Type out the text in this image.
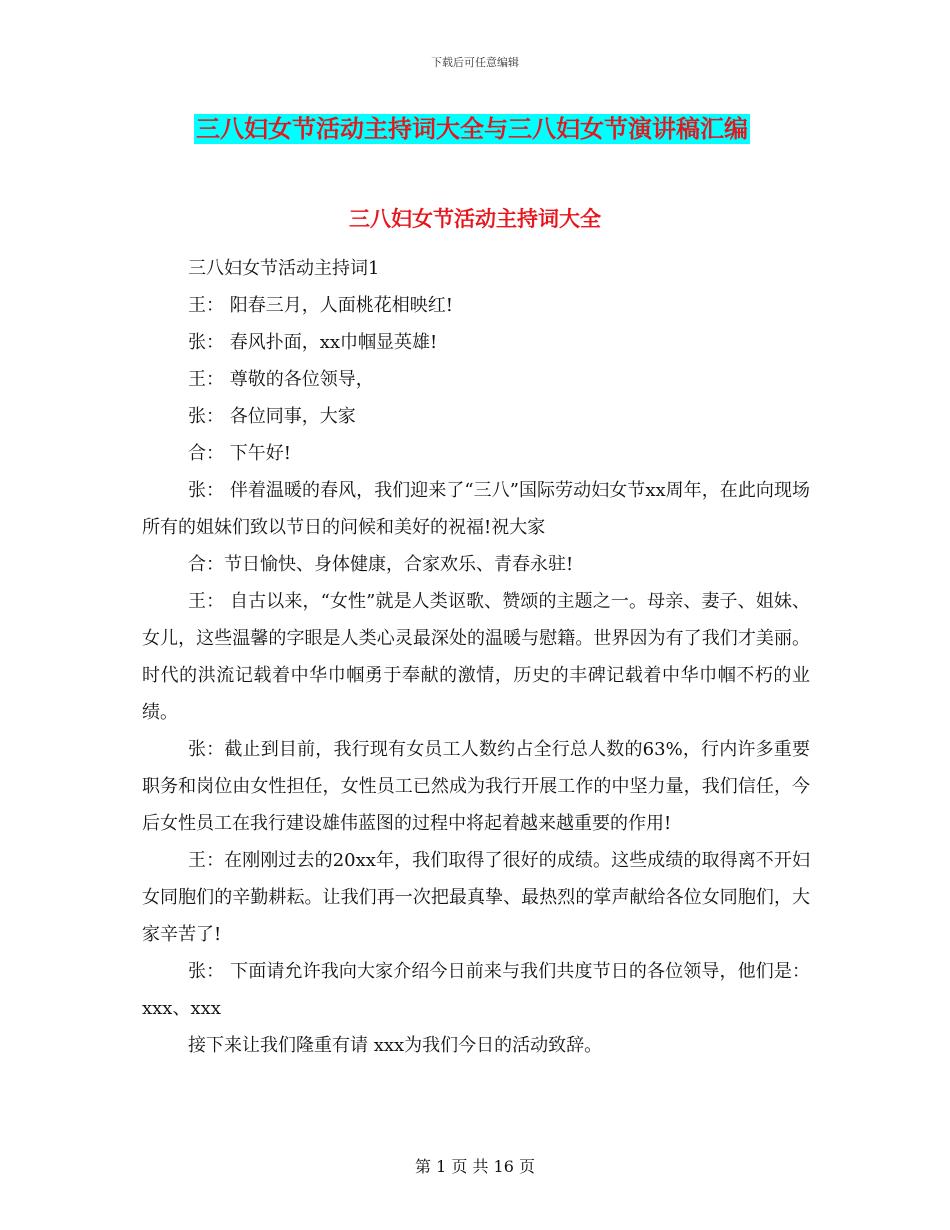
下载后可任意编辑
三八妇女节活动主持词大全与三八妇女节演讲稿汇编
三八妇女节活动主持词大全

三八妇女节活动主持词1

王： 阳春三月，人面桃花相映红!

张： 春风扑面，xx巾帼显英雄!

王： 尊敬的各位领导，

张： 各位同事，大家

合： 下午好!

张： 伴着温暖的春风，我们迎来了“三八”国际劳动妇女节xx周年，在此向现场所有的姐妹们致以节日的问候和美好的祝福!祝大家

合：节日愉快、身体健康，合家欢乐、青春永驻!

王： 自古以来，“女性”就是人类讴歌、赞颂的主题之一。母亲、妻子、姐妹、女儿，这些温馨的字眼是人类心灵最深处的温暖与慰籍。世界因为有了我们才美丽。时代的洪流记载着中华巾帼勇于奉献的激情，历史的丰碑记载着中华巾帼不朽的业绩。

张：截止到目前，我行现有女员工人数约占全行总人数的63%，行内许多重要职务和岗位由女性担任，女性员工已然成为我行开展工作的中坚力量，我们信任，今后女性员工在我行建设雄伟蓝图的过程中将起着越来越重要的作用!

王：在刚刚过去的20xx年，我们取得了很好的成绩。这些成绩的取得离不开妇女同胞们的辛勤耕耘。让我们再一次把最真挚、最热烈的掌声献给各位女同胞们，大家辛苦了!

张： 下面请允许我向大家介绍今日前来与我们共度节日的各位领导，他们是：xxx、xxx

接下来让我们隆重有请 xxx为我们今日的活动致辞。

第 1 页 共 16 页
